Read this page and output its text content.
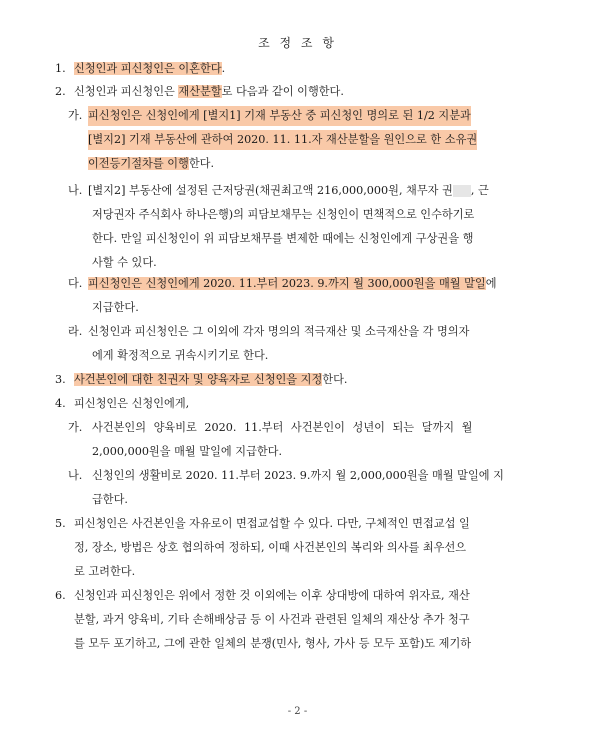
조 정 조 항
1. 신청인과 피신청인은 이혼한다.
2. 신청인과 피신청인은 재산분할로 다음과 같이 이행한다.
가. 피신청인은 신청인에게 [별지1] 기재 부동산 중 피신청인 명의로 된 1/2 지분과
[별지2] 기재 부동산에 관하여 2020. 11. 11.자 재산분할을 원인으로 한 소유권
이전등기절차를 이행한다.
나. [별지2] 부동산에 설정된 근저당권(채권최고액 216,000,000원, 채무자 권 , 근
저당권자 주식회사 하나은행)의 피담보채무는 신청인이 면책적으로 인수하기로
한다. 만일 피신청인이 위 피담보채무를 변제한 때에는 신청인에게 구상권을 행
사할 수 있다.
다. 피신청인은 신청인에게 2020. 11.부터 2023. 9.까지 월 300,000원을 매월 말일에
지급한다.
라. 신청인과 피신청인은 그 이외에 각자 명의의 적극재산 및 소극재산을 각 명의자
에게 확정적으로 귀속시키기로 한다.
3. 사건본인에 대한 친권자 및 양육자로 신청인을 지정한다.
4. 피신청인은 신청인에게,
가. 사건본인의 양육비로 2020. 11.부터 사건본인이 성년이 되는 달까지 월
2,000,000원을 매월 말일에 지급한다.
나. 신청인의 생활비로 2020. 11.부터 2023. 9.까지 월 2,000,000원을 매월 말일에 지
급한다.
5. 피신청인은 사건본인을 자유로이 면접교섭할 수 있다. 다만, 구체적인 면접교섭 일
정, 장소, 방법은 상호 협의하여 정하되, 이때 사건본인의 복리와 의사를 최우선으
로 고려한다.
6. 신청인과 피신청인은 위에서 정한 것 이외에는 이후 상대방에 대하여 위자료, 재산
분할, 과거 양육비, 기타 손해배상금 등 이 사건과 관련된 일체의 재산상 추가 청구
를 모두 포기하고, 그에 관한 일체의 분쟁(민사, 형사, 가사 등 모두 포함)도 제기하
- 2 -
